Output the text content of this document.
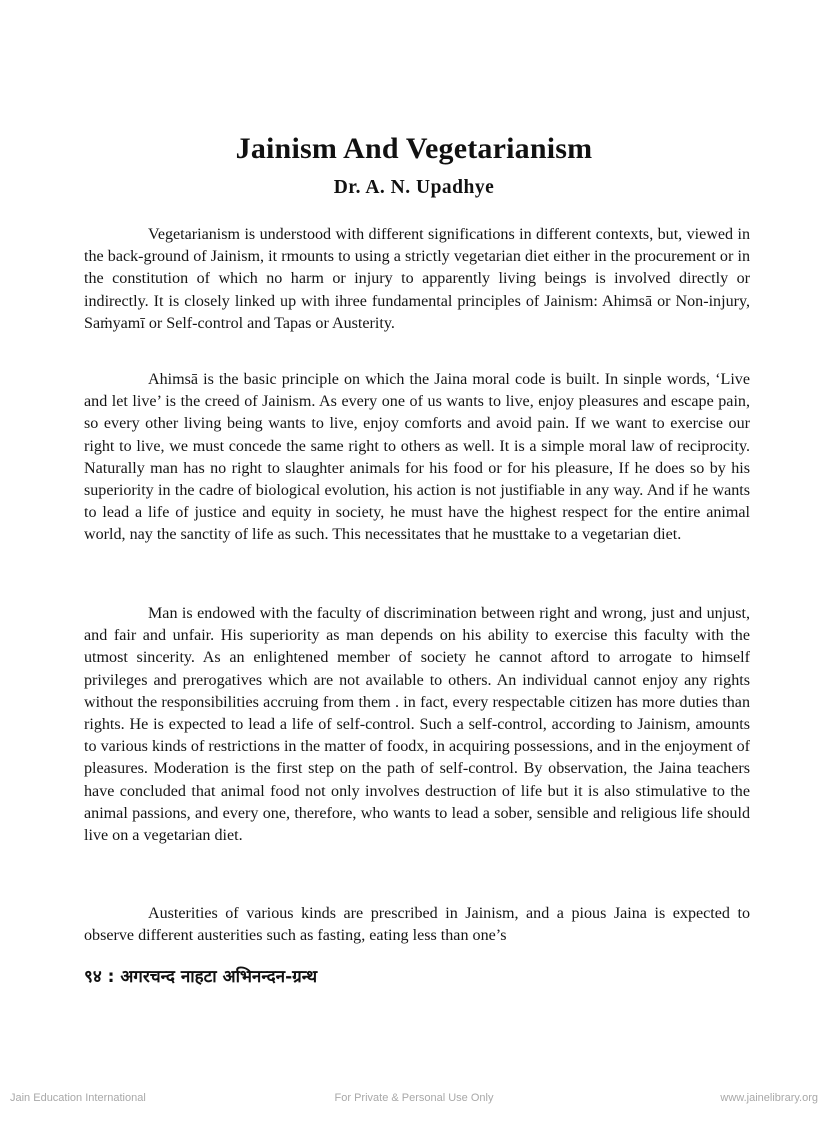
Jainism And Vegetarianism
Dr. A. N. Upadhye

Vegetarianism is understood with different significations in different contexts, but, viewed in the back-ground of Jainism, it rmounts to using a strictly vegetarian diet either in the procurement or in the constitution of which no harm or injury to apparently living beings is involved directly or indirectly. It is closely linked up with ihree fundamental principles of Jainism: Ahimsā or Non-injury, Saṁyamī or Self-control and Tapas or Austerity.

Ahimsā is the basic principle on which the Jaina moral code is built. In sinple words, ‘Live and let live’ is the creed of Jainism. As every one of us wants to live, enjoy pleasures and escape pain, so every other living being wants to live, enjoy comforts and avoid pain. If we want to exercise our right to live, we must concede the same right to others as well. It is a simple moral law of reciprocity. Naturally man has no right to slaughter animals for his food or for his pleasure, If he does so by his superiority in the cadre of biological evolution, his action is not justifiable in any way. And if he wants to lead a life of justice and equity in society, he must have the highest respect for the entire animal world, nay the sanctity of life as such. This necessitates that he musttake to a vegetarian diet.

Man is endowed with the faculty of discrimination between right and wrong, just and unjust, and fair and unfair. His superiority as man depends on his ability to exercise this faculty with the utmost sincerity. As an enlightened member of society he cannot aftord to arrogate to himself privileges and prerogatives which are not available to others. An individual cannot enjoy any rights without the responsibilities accruing from them . in fact, every respectable citizen has more duties than rights. He is expected to lead a life of self-control. Such a self-control, according to Jainism, amounts to various kinds of restrictions in the matter of foodx, in acquiring possessions, and in the enjoyment of pleasures. Moderation is the first step on the path of self-control. By observation, the Jaina teachers have concluded that animal food not only involves destruction of life but it is also stimulative to the animal passions, and every one, therefore, who wants to lead a sober, sensible and religious life should live on a vegetarian diet.

Austerities of various kinds are prescribed in Jainism, and a pious Jaina is expected to observe different austerities such as fasting, eating less than one’s

९४ : अगरचन्द नाहटा अभिनन्दन-ग्रन्थ
For Private & Personal Use Only
Jain Education International	www.jainelibrary.org
